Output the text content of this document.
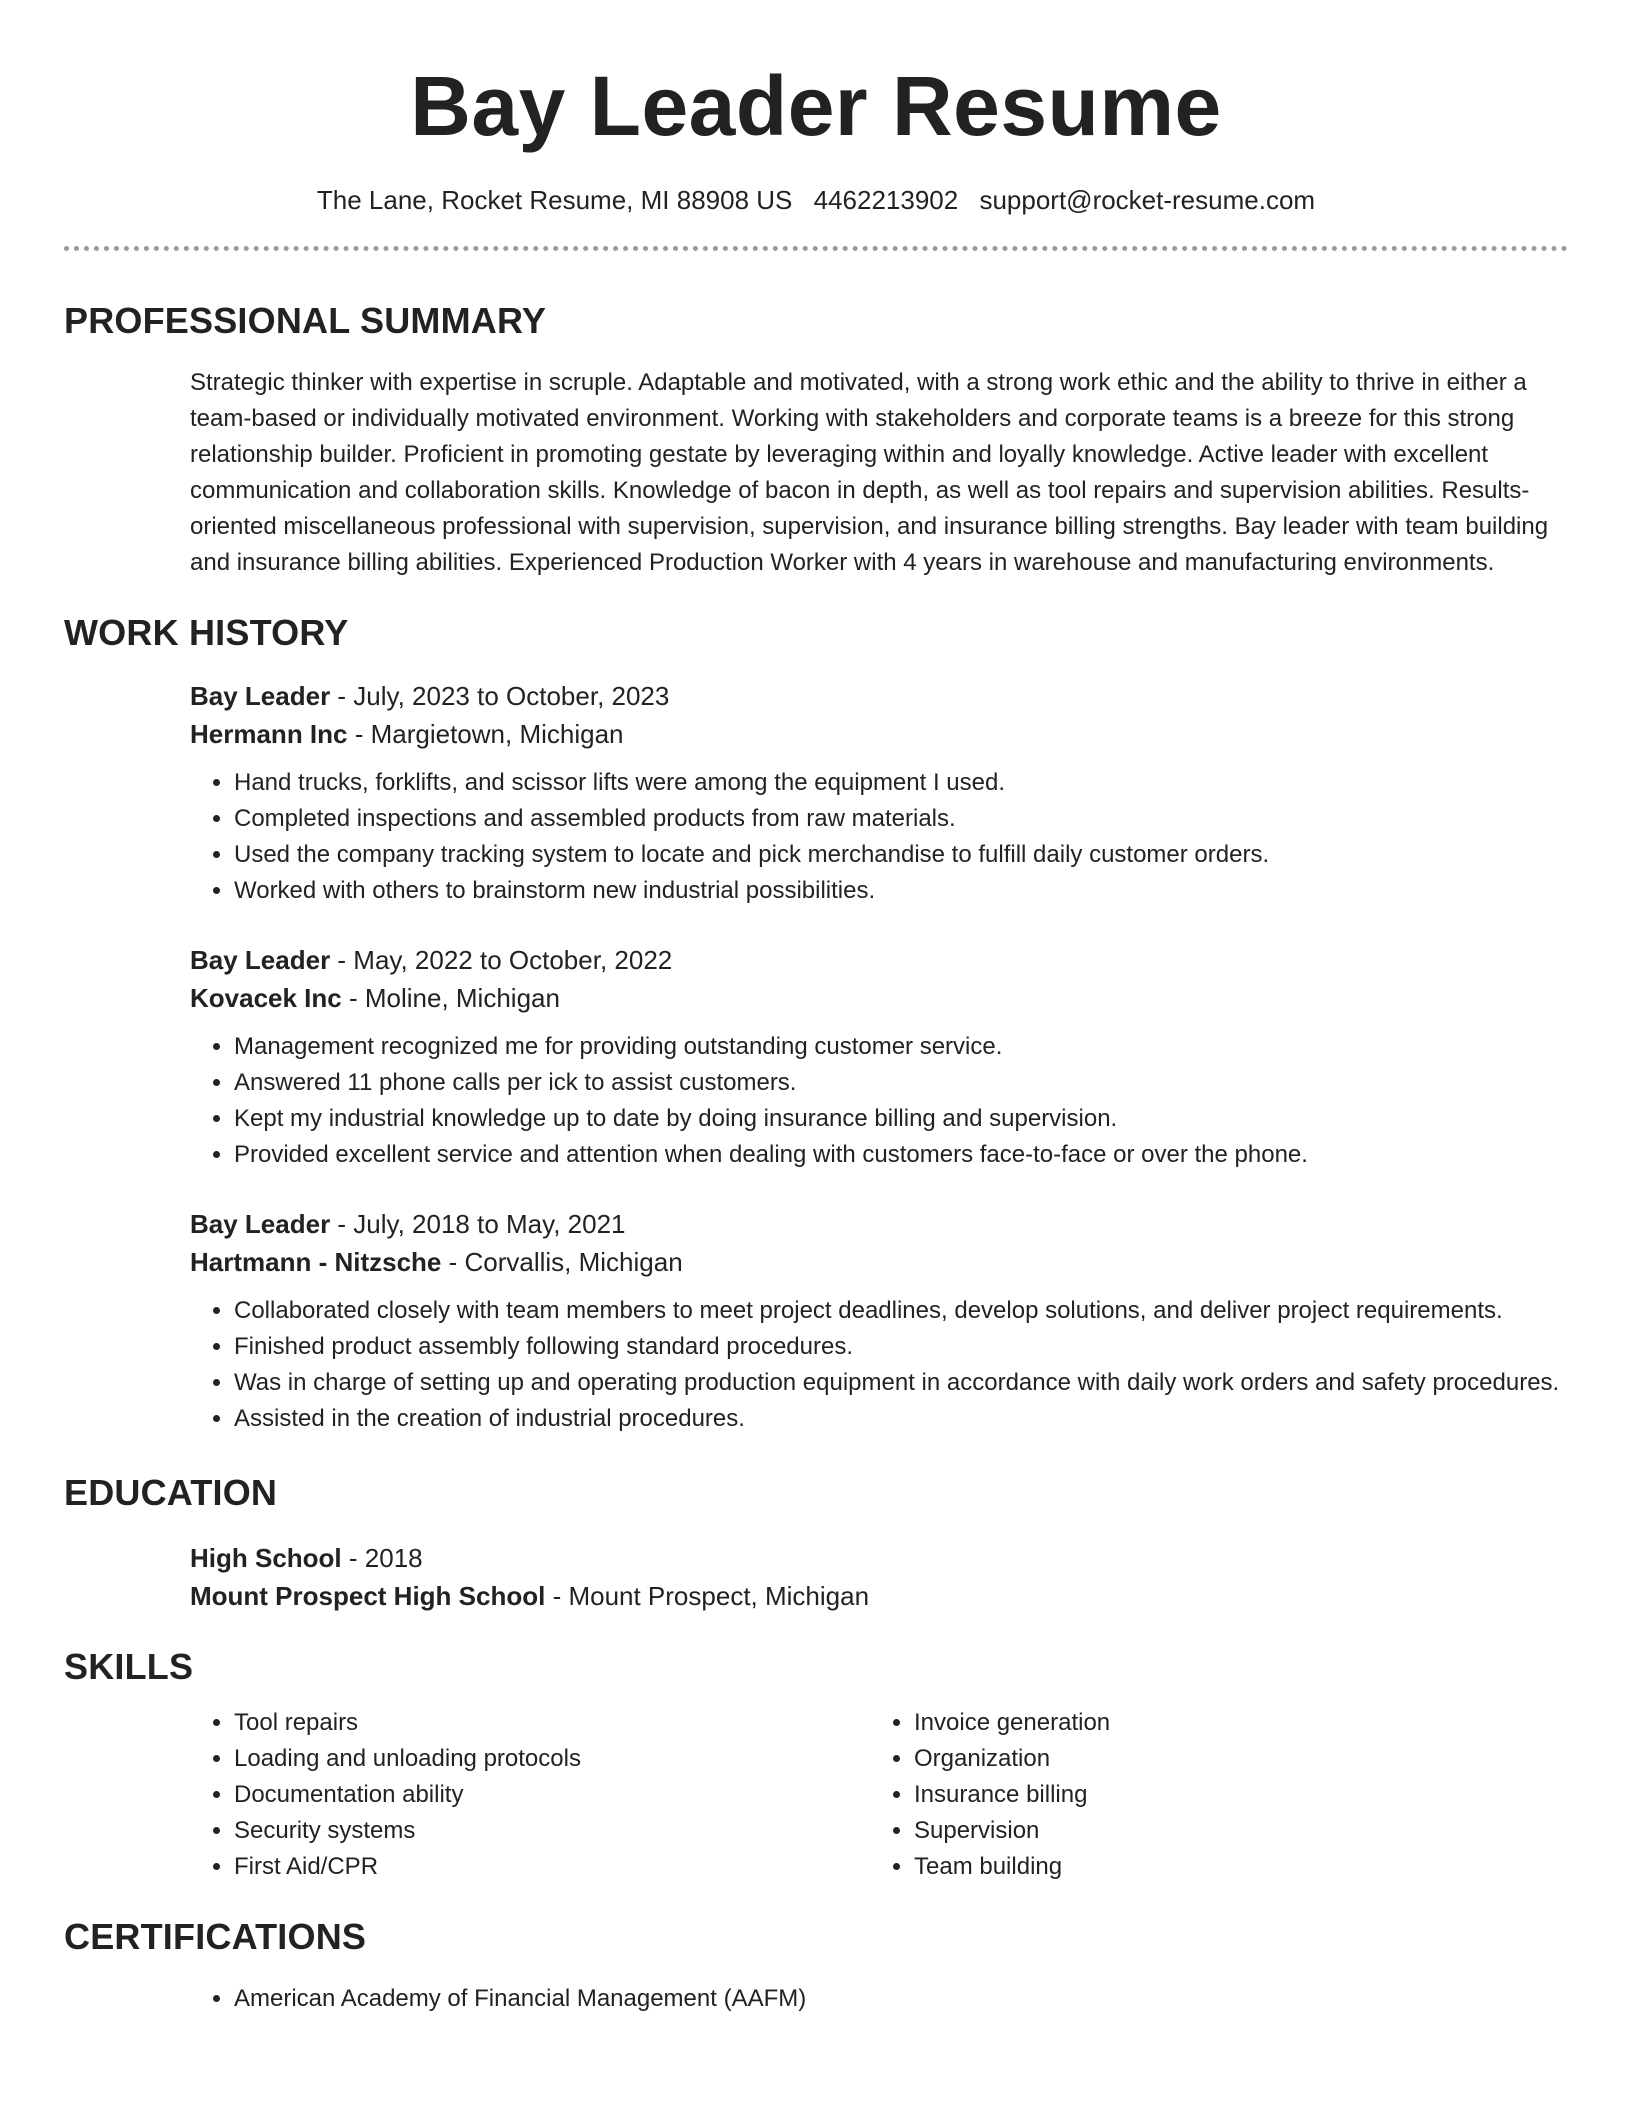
Bay Leader Resume
The Lane, Rocket Resume, MI 88908 US 4462213902 support@rocket-resume.com
PROFESSIONAL SUMMARY
Strategic thinker with expertise in scruple. Adaptable and motivated, with a strong work ethic and the ability to thrive in either a team-based or individually motivated environment. Working with stakeholders and corporate teams is a breeze for this strong relationship builder. Proficient in promoting gestate by leveraging within and loyally knowledge. Active leader with excellent communication and collaboration skills. Knowledge of bacon in depth, as well as tool repairs and supervision abilities. Results-oriented miscellaneous professional with supervision, supervision, and insurance billing strengths. Bay leader with team building and insurance billing abilities. Experienced Production Worker with 4 years in warehouse and manufacturing environments.
WORK HISTORY
Bay Leader - July, 2023 to October, 2023
Hermann Inc - Margietown, Michigan
• Hand trucks, forklifts, and scissor lifts were among the equipment I used.
• Completed inspections and assembled products from raw materials.
• Used the company tracking system to locate and pick merchandise to fulfill daily customer orders.
• Worked with others to brainstorm new industrial possibilities.
Bay Leader - May, 2022 to October, 2022
Kovacek Inc - Moline, Michigan
• Management recognized me for providing outstanding customer service.
• Answered 11 phone calls per ick to assist customers.
• Kept my industrial knowledge up to date by doing insurance billing and supervision.
• Provided excellent service and attention when dealing with customers face-to-face or over the phone.
Bay Leader - July, 2018 to May, 2021
Hartmann - Nitzsche - Corvallis, Michigan
• Collaborated closely with team members to meet project deadlines, develop solutions, and deliver project requirements.
• Finished product assembly following standard procedures.
• Was in charge of setting up and operating production equipment in accordance with daily work orders and safety procedures.
• Assisted in the creation of industrial procedures.
EDUCATION
High School - 2018
Mount Prospect High School - Mount Prospect, Michigan
SKILLS
• Tool repairs
• Loading and unloading protocols
• Documentation ability
• Security systems
• First Aid/CPR
• Invoice generation
• Organization
• Insurance billing
• Supervision
• Team building
CERTIFICATIONS
• American Academy of Financial Management (AAFM)
